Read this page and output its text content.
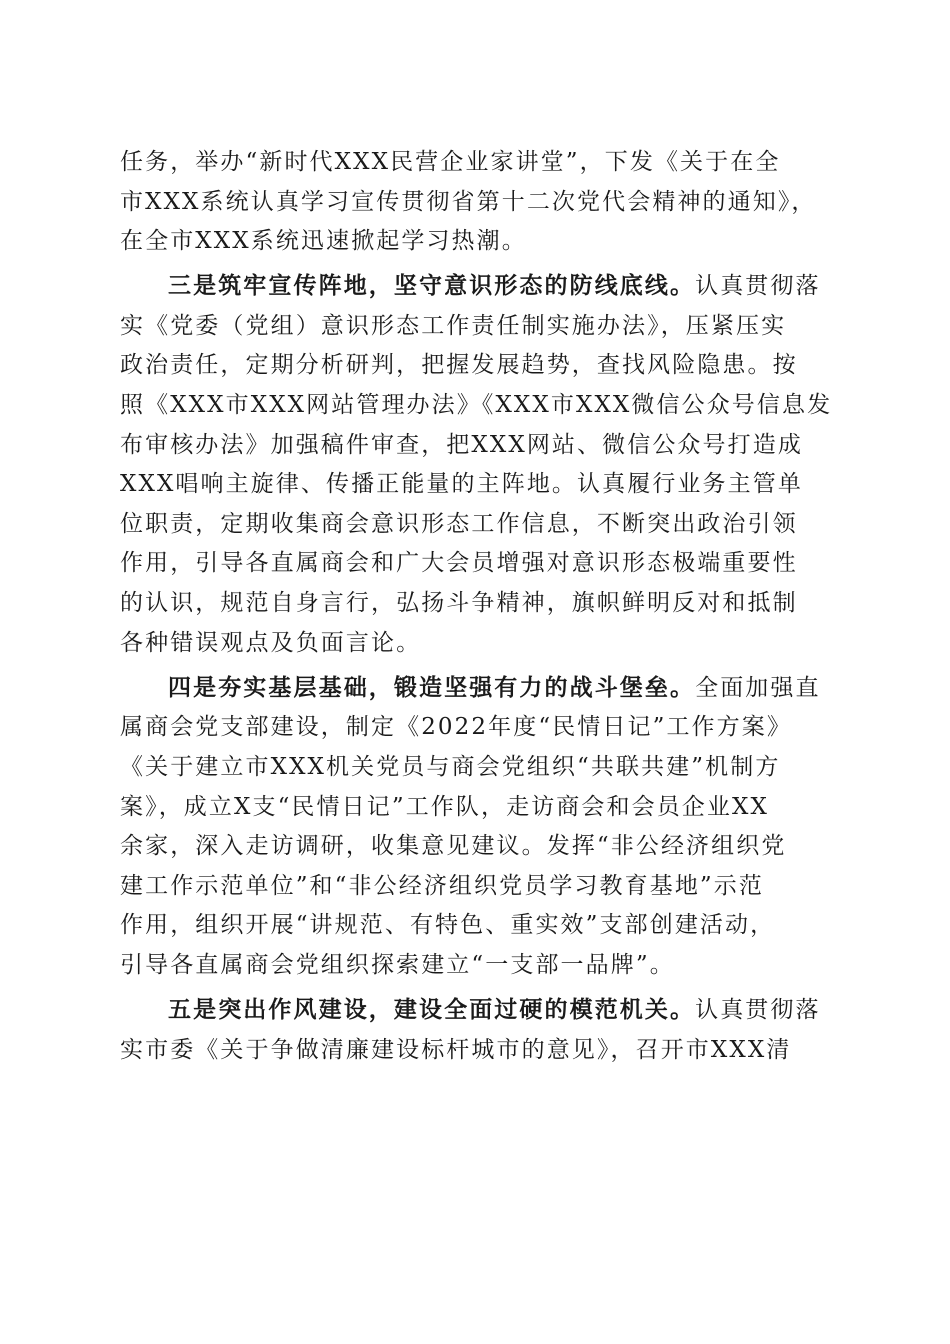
任务，举办“新时代XXX民营企业家讲堂”，下发《关于在全
市XXX系统认真学习宣传贯彻省第十二次党代会精神的通知》，
在全市XXX系统迅速掀起学习热潮。
三是筑牢宣传阵地，坚守意识形态的防线底线。认真贯彻落
实《党委（党组）意识形态工作责任制实施办法》，压紧压实
政治责任，定期分析研判，把握发展趋势，查找风险隐患。按
照《XXX市XXX网站管理办法》《XXX市XXX微信公众号信息发
布审核办法》加强稿件审查，把XXX网站、微信公众号打造成
XXX唱响主旋律、传播正能量的主阵地。认真履行业务主管单
位职责，定期收集商会意识形态工作信息，不断突出政治引领
作用，引导各直属商会和广大会员增强对意识形态极端重要性
的认识，规范自身言行，弘扬斗争精神，旗帜鲜明反对和抵制
各种错误观点及负面言论。
四是夯实基层基础，锻造坚强有力的战斗堡垒。全面加强直
属商会党支部建设，制定《2022年度“民情日记”工作方案》
《关于建立市XXX机关党员与商会党组织“共联共建”机制方
案》，成立X支“民情日记”工作队，走访商会和会员企业XX
余家，深入走访调研，收集意见建议。发挥“非公经济组织党
建工作示范单位”和“非公经济组织党员学习教育基地”示范
作用，组织开展“讲规范、有特色、重实效”支部创建活动，
引导各直属商会党组织探索建立“一支部一品牌”。
五是突出作风建设，建设全面过硬的模范机关。认真贯彻落
实市委《关于争做清廉建设标杆城市的意见》，召开市XXX清
